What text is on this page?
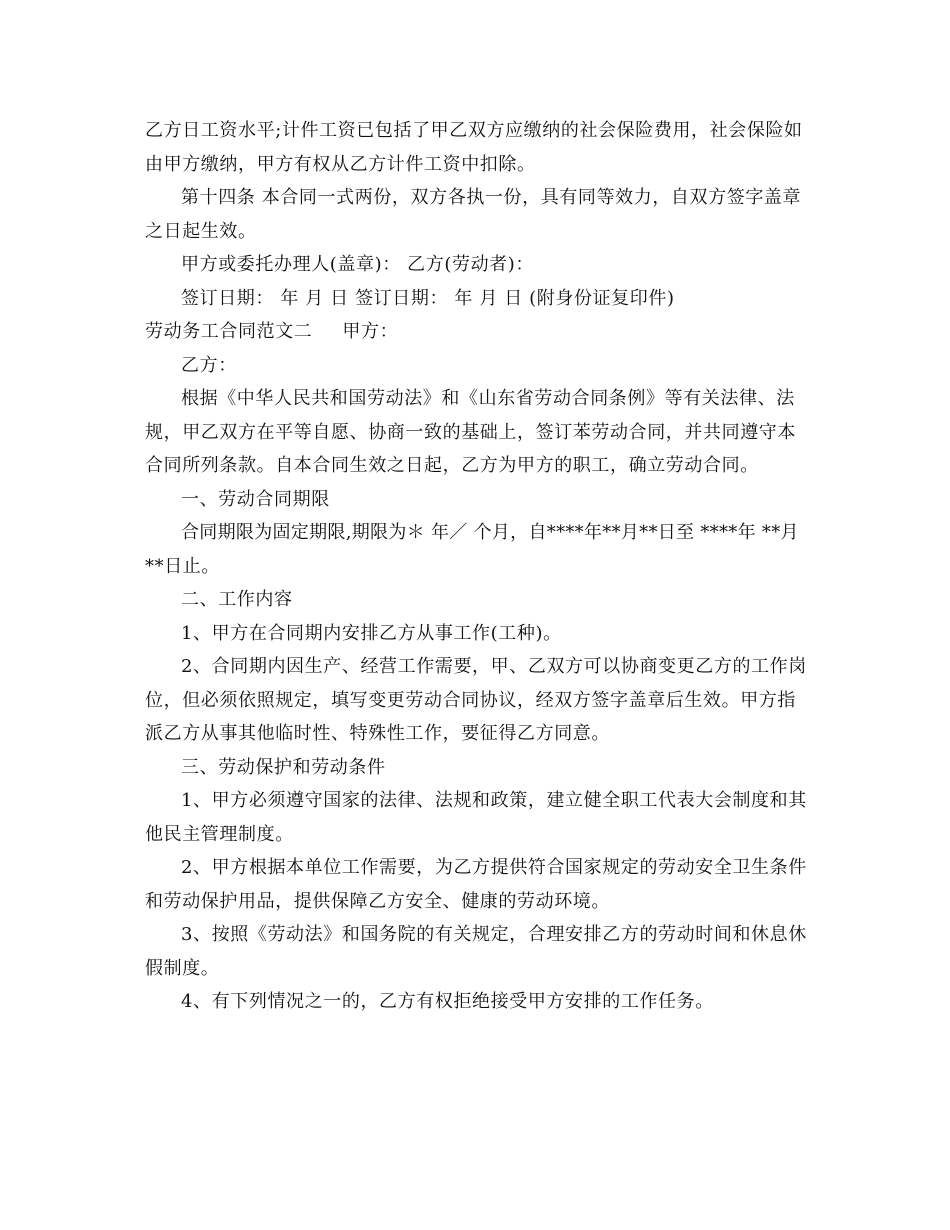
乙方日工资水平;计件工资已包括了甲乙双方应缴纳的社会保险费用，社会保险如
由甲方缴纳，甲方有权从乙方计件工资中扣除。
第十四条 本合同一式两份，双方各执一份，具有同等效力，自双方签字盖章
之日起生效。
甲方或委托办理人(盖章)： 乙方(劳动者)：
签订日期： 年 月 日 签订日期： 年 月 日 (附身份证复印件)
劳动务工合同范文二 甲方：
乙方：
根据《中华人民共和国劳动法》和《山东省劳动合同条例》等有关法律、法
规，甲乙双方在平等自愿、协商一致的基础上，签订苯劳动合同，并共同遵守本
合同所列条款。自本合同生效之日起，乙方为甲方的职工，确立劳动合同。
一、劳动合同期限
合同期限为固定期限,期限为＊ 年／ 个月，自****年**月**日至 ****年 **月
**日止。
二、工作内容
1、甲方在合同期内安排乙方从事工作(工种)。
2、合同期内因生产、经营工作需要，甲、乙双方可以协商变更乙方的工作岗
位，但必须依照规定，填写变更劳动合同协议，经双方签字盖章后生效。甲方指
派乙方从事其他临时性、特殊性工作，要征得乙方同意。
三、劳动保护和劳动条件
1、甲方必须遵守国家的法律、法规和政策，建立健全职工代表大会制度和其
他民主管理制度。
2、甲方根据本单位工作需要，为乙方提供符合国家规定的劳动安全卫生条件
和劳动保护用品，提供保障乙方安全、健康的劳动环境。
3、按照《劳动法》和国务院的有关规定，合理安排乙方的劳动时间和休息休
假制度。
4、有下列情况之一的，乙方有权拒绝接受甲方安排的工作任务。
